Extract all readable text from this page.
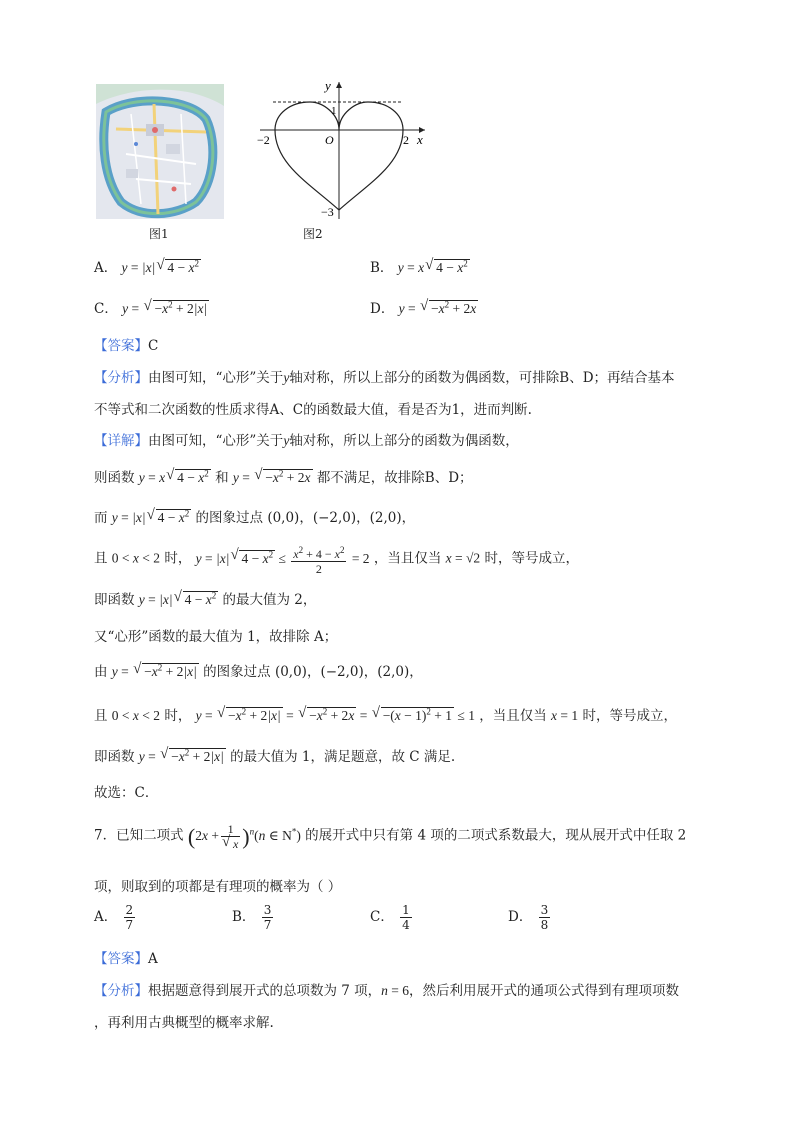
图1
y
x
1
−2	O	2
−3
图2
A． y = |x| √ $4 - x^2$	B． y = x √ $4 - x^2$
C． y = √ $-x^2 + 2|x|$	D． y = √ $-x^2 + 2x$
【答案】C
【分析】由图可知，“心形”关于y轴对称，所以上部分的函数为偶函数，可排除B、D；再结合基本
不等式和二次函数的性质求得A、C的函数最大值，看是否为1，进而判断.
【详解】由图可知，“心形”关于y轴对称，所以上部分的函数为偶函数，
则函数 y = x √ $4 - x^2$ 和 y = √ $-x^2 + 2x$ 都不满足，故排除B、D；
而 y = |x| √ $4 - x^2$ 的图象过点 (0,0)，(−2,0)，(2,0)，
且 0 < x < 2 时， y = |x| √ $4 - x^2 \le \frac{x^2 + 4 - x^2}{2} = 2$ ，当且仅当 x = √2 时，等号成立，
即函数 y = |x| √ $4 - x^2$ 的最大值为 2，
又“心形”函数的最大值为 1，故排除 A；
由 y = √ $-x^2 + 2|x|$ 的图象过点 (0,0)，(−2,0)，(2,0)，
且 0 < x < 2 时， y = √ $-x^2 + 2|x|$ = √ $-x^2 + 2x$ = √ $-(x - 1)^2 + 1 \le 1$ ，当且仅当 x = 1 时，等号成立，
即函数 y = √ $-x^2 + 2|x|$ 的最大值为 1，满足题意，故 C 满足.
故选：C．
7．已知二项式 (2x + 1
√ x )$^n$(n ∈ N*) 的展开式中只有第 4 项的二项式系数最大，现从展开式中任取 2
项，则取到的项都是有理项的概率为（ ）
A． $\frac{2}{7}$	B． $\frac{3}{7}$	C． $\frac{1}{4}$	D． $\frac{3}{8}$
【答案】A
【分析】根据题意得到展开式的总项数为 7 项，n = 6，然后利用展开式的通项公式得到有理项项数
，再利用古典概型的概率求解.
